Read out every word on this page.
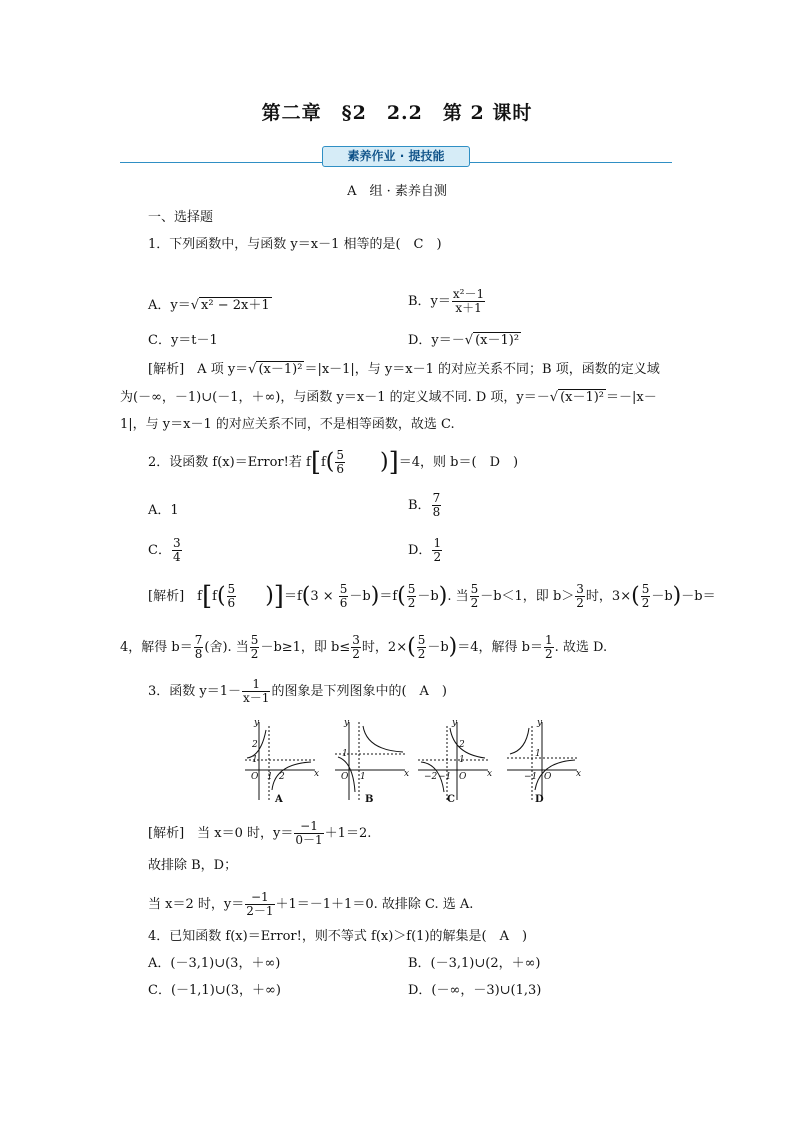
第二章　§2　2.2　第 2 课时
素养作业 · 提技能
A　组 · 素养自测
一、选择题
1．下列函数中，与函数 y＝x－1 相等的是(　C　)
A．y＝√ x² − 2x＋1	B．$y= \frac{\text{x²－1}}{x+1}$
C．y＝t－1	D．y＝－√ (x－1)²
[解析]　 A 项 y＝√ (x－1)² ＝|x－1|，与 y＝x－1 的对应关系不同；B 项，函数的定义域
为(－∞，－1)∪(－1，＋∞)，与函数 y＝x－1 的定义域不同. D 项，y＝－√ (x－1)² ＝－|x－
1|，与 y＝x－1 的对应关系不同，不是相等函数，故选 C.
2．设函数 f(x)＝Error!若 $f[f( \frac{5}{6} )]=4$，则 b＝(　D　)
A．1	B． $\frac{7}{8}$
C． $\frac{3}{4}$	D． $\frac{1}{2}$
[解析]　 $f[f( \frac{5}{6} )]=f(3 \times \frac{5}{6} -b)=f( \frac{5}{2} -b)$. 当 $\frac{5}{2} -b<1$，即 $b> \frac{3}{2}$ 时，$3\times( \frac{5}{2} -b)-b=$
4，解得 $b= \frac{7}{8}$ (舍). 当 $\frac{5}{2} -b\ge 1$，即 $b\le \frac{3}{2}$ 时，$2\times( \frac{5}{2} -b)=4$，解得 $b= \frac{1}{2}$ . 故选 D.
3．函数 $y=1- \frac{1}{x-1}$ 的图象是下列图象中的(　A　)
y
2
1
O 1 2	x
y
1
O 1	x
y
2
1
−2 −1 O x
y
1
−1 O	x
A	B	C	D
[解析]　 当 x＝0 时，$y= \frac{-1}{0-1} +1=2$.
故排除 B，D；
当 x＝2 时，$y= \frac{-1}{2-1} +1=-1+1=0$. 故排除 C. 选 A.
4．已知函数 f(x)＝Error!，则不等式 f(x)＞f(1)的解集是(　A　)
A．(－3,1)∪(3，＋∞)	B．(－3,1)∪(2，＋∞)
C．(－1,1)∪(3，＋∞)	D．(－∞，－3)∪(1,3)
